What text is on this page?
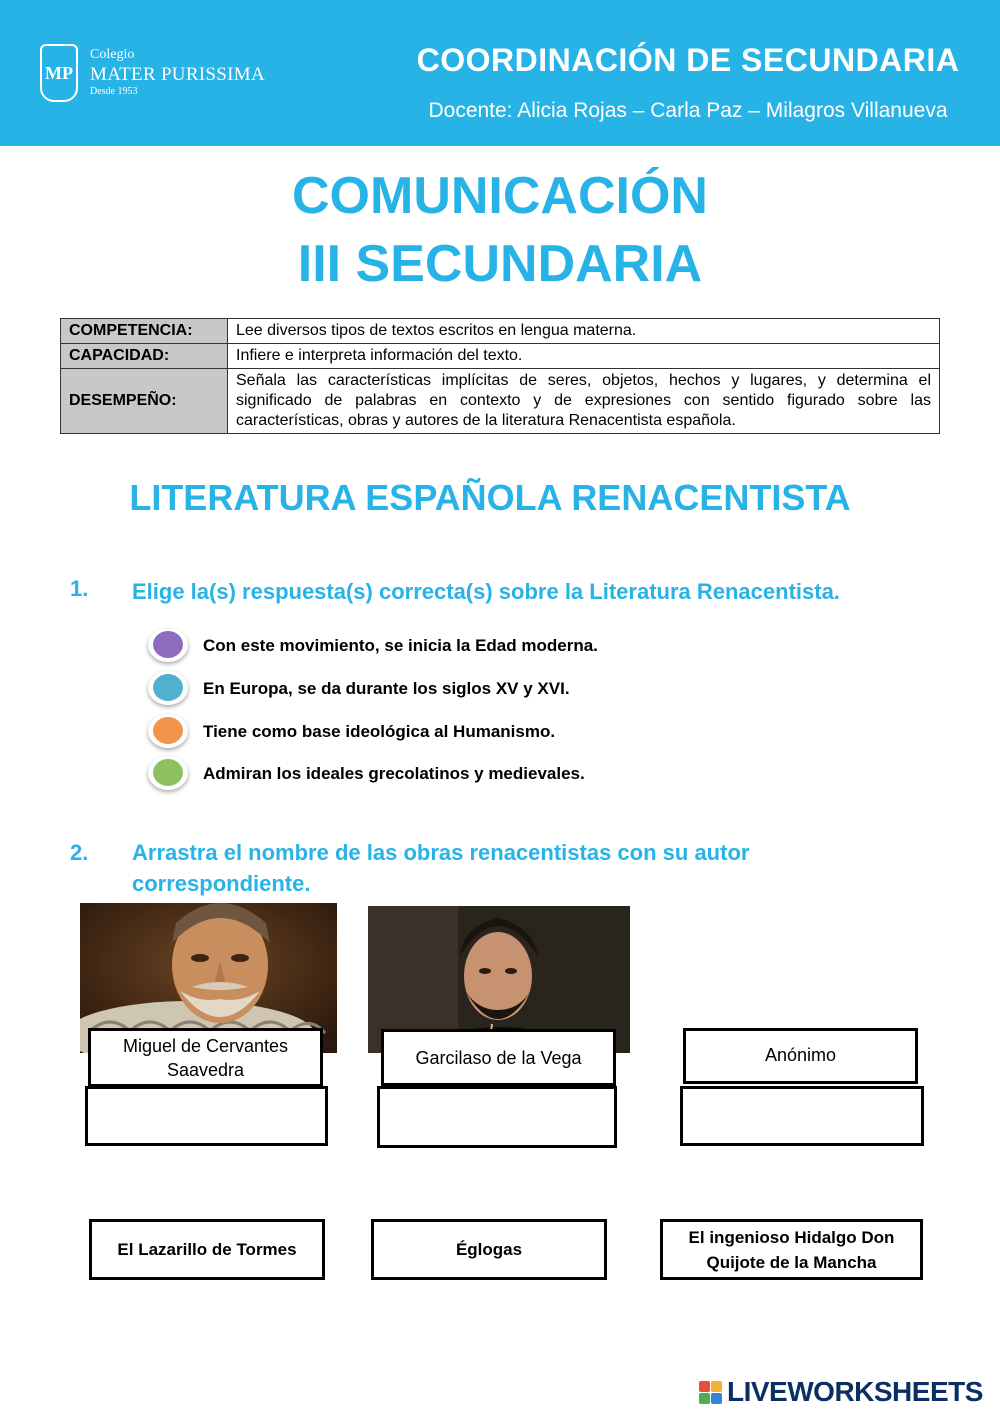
MP
Colegio
MATER PURISSIMA
Desde 1953
COORDINACIÓN DE SECUNDARIA
Docente: Alicia Rojas – Carla Paz – Milagros Villanueva
COMUNICACIÓN
III SECUNDARIA
COMPETENCIA:	Lee diversos tipos de textos escritos en lengua materna.
CAPACIDAD:	Infiere e interpreta información del texto.
DESEMPEÑO:	Señala las características implícitas de seres, objetos, hechos y lugares, y determina el significado de palabras en contexto y de expresiones con sentido figurado sobre las características, obras y autores de la literatura Renacentista española.
LITERATURA ESPAÑOLA RENACENTISTA
1. Elige la(s) respuesta(s) correcta(s) sobre la Literatura Renacentista.
Con este movimiento, se inicia la Edad moderna.
En Europa, se da durante los siglos XV y XVI.
Tiene como base ideológica al Humanismo.
Admiran los ideales grecolatinos y medievales.
2. Arrastra el nombre de las obras renacentistas con su autor correspondiente.
Miguel de Cervantes Saavedra
Garcilaso de la Vega	Anónimo
El Lazarillo de Tormes	Églogas
El ingenioso Hidalgo Don Quijote de la Mancha
LIVEWORKSHEETS
